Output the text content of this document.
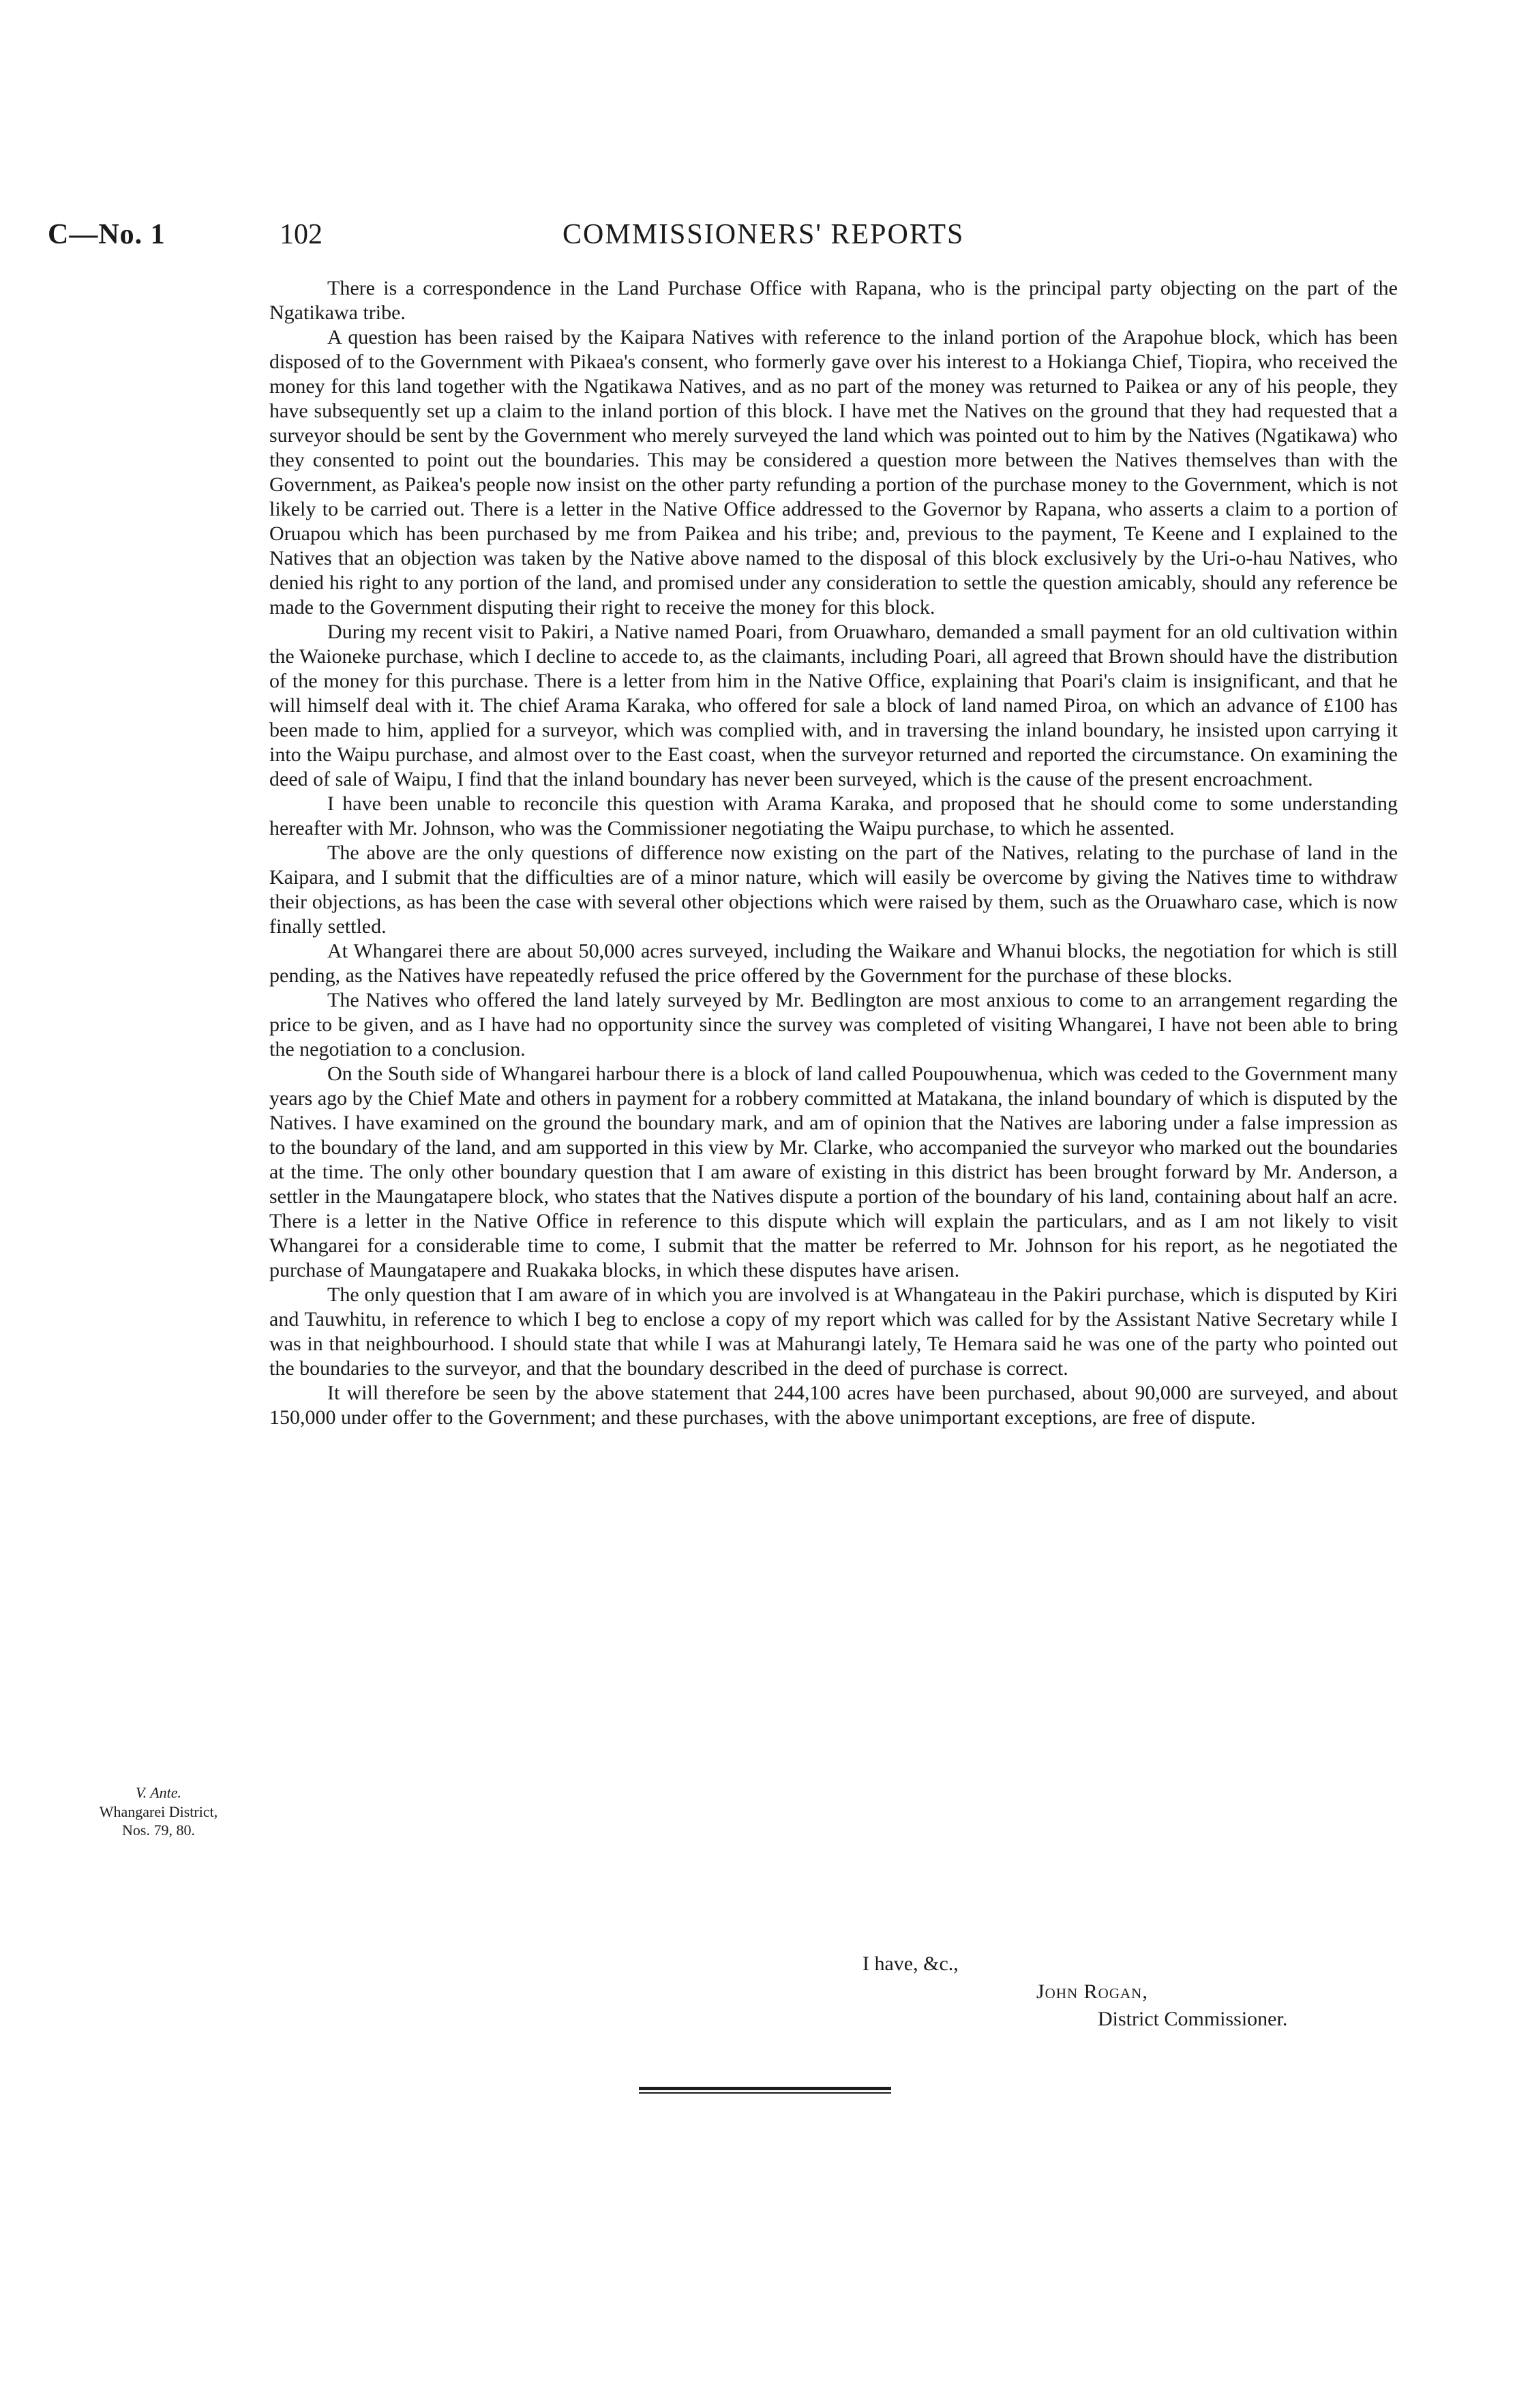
C—No. 1	102	COMMISSIONERS' REPORTS

There is a correspondence in the Land Purchase Office with Rapana, who is the principal party objecting on the part of the Ngatikawa tribe.

A question has been raised by the Kaipara Natives with reference to the inland portion of the Arapohue block, which has been disposed of to the Government with Pikaea's consent, who formerly gave over his interest to a Hokianga Chief, Tiopira, who received the money for this land together with the Ngatikawa Natives, and as no part of the money was returned to Paikea or any of his people, they have subsequently set up a claim to the inland portion of this block. I have met the Natives on the ground that they had requested that a surveyor should be sent by the Government who merely surveyed the land which was pointed out to him by the Natives (Ngatikawa) who they consented to point out the boundaries. This may be considered a question more between the Natives themselves than with the Government, as Paikea's people now insist on the other party refunding a portion of the purchase money to the Government, which is not likely to be carried out. There is a letter in the Native Office addressed to the Governor by Rapana, who asserts a claim to a portion of Oruapou which has been purchased by me from Paikea and his tribe; and, previous to the payment, Te Keene and I explained to the Natives that an objection was taken by the Native above named to the disposal of this block exclusively by the Uri-o-hau Natives, who denied his right to any portion of the land, and promised under any consideration to settle the question amicably, should any reference be made to the Government disputing their right to receive the money for this block.

During my recent visit to Pakiri, a Native named Poari, from Oruawharo, demanded a small payment for an old cultivation within the Waioneke purchase, which I decline to accede to, as the claimants, including Poari, all agreed that Brown should have the distribution of the money for this purchase. There is a letter from him in the Native Office, explaining that Poari's claim is insignificant, and that he will himself deal with it. The chief Arama Karaka, who offered for sale a block of land named Piroa, on which an advance of £100 has been made to him, applied for a surveyor, which was complied with, and in traversing the inland boundary, he insisted upon carrying it into the Waipu purchase, and almost over to the East coast, when the surveyor returned and reported the circumstance. On examining the deed of sale of Waipu, I find that the inland boundary has never been surveyed, which is the cause of the present encroachment.

I have been unable to reconcile this question with Arama Karaka, and proposed that he should come to some understanding hereafter with Mr. Johnson, who was the Commissioner negotiating the Waipu purchase, to which he assented.

The above are the only questions of difference now existing on the part of the Natives, relating to the purchase of land in the Kaipara, and I submit that the difficulties are of a minor nature, which will easily be overcome by giving the Natives time to withdraw their objections, as has been the case with several other objections which were raised by them, such as the Oruawharo case, which is now finally settled.

At Whangarei there are about 50,000 acres surveyed, including the Waikare and Whanui blocks, the negotiation for which is still pending, as the Natives have repeatedly refused the price offered by the Government for the purchase of these blocks.

The Natives who offered the land lately surveyed by Mr. Bedlington are most anxious to come to an arrangement regarding the price to be given, and as I have had no opportunity since the survey was completed of visiting Whangarei, I have not been able to bring the negotiation to a conclusion.

On the South side of Whangarei harbour there is a block of land called Poupouwhenua, which was ceded to the Government many years ago by the Chief Mate and others in payment for a robbery committed at Matakana, the inland boundary of which is disputed by the Natives. I have examined on the ground the boundary mark, and am of opinion that the Natives are laboring under a false impression as to the boundary of the land, and am supported in this view by Mr. Clarke, who accompanied the surveyor who marked out the boundaries at the time. The only other boundary question that I am aware of existing in this district has been brought forward by Mr. Anderson, a settler in the Maungatapere block, who states that the Natives dispute a portion of the boundary of his land, containing about half an acre. There is a letter in the Native Office in reference to this dispute which will explain the particulars, and as I am not likely to visit Whangarei for a considerable time to come, I submit that the matter be referred to Mr. Johnson for his report, as he negotiated the purchase of Maungatapere and Ruakaka blocks, in which these disputes have arisen.

The only question that I am aware of in which you are involved is at Whangateau in the Pakiri purchase, which is disputed by Kiri and Tauwhitu, in reference to which I beg to enclose a copy of my report which was called for by the Assistant Native Secretary while I was in that neighbourhood. I should state that while I was at Mahurangi lately, Te Hemara said he was one of the party who pointed out the boundaries to the surveyor, and that the boundary described in the deed of purchase is correct.

It will therefore be seen by the above statement that 244,100 acres have been purchased, about 90,000 are surveyed, and about 150,000 under offer to the Government; and these purchases, with the above unimportant exceptions, are free of dispute.

V. Ante.
Whangarei District,
Nos. 79, 80.
I have, &c.,
John Rogan,
District Commissioner.
